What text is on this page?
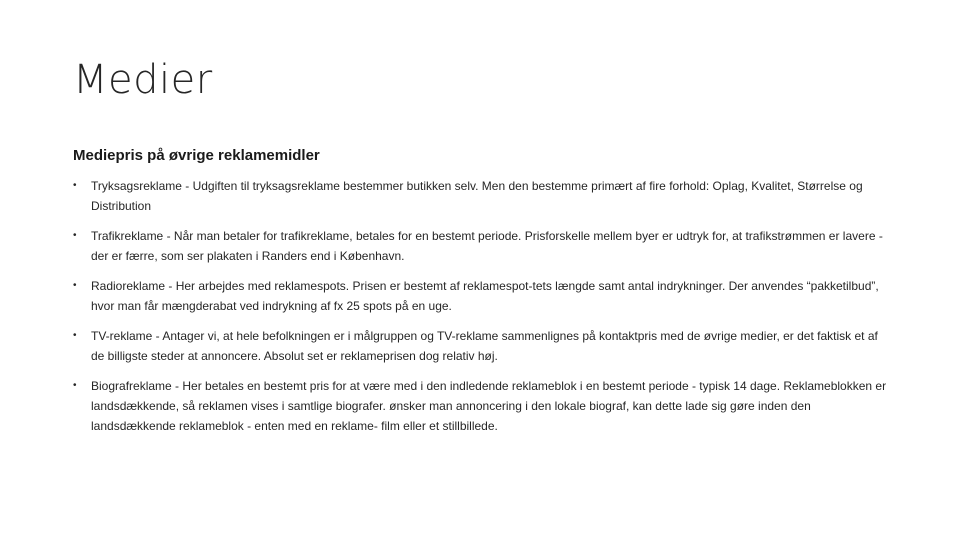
Medier
Mediepris på øvrige reklamemidler
• Tryksagsreklame - Udgiften til tryksagsreklame bestemmer butikken selv. Men den bestemme primært af fire forhold: Oplag, Kvalitet, Størrelse og Distribution
• Trafikreklame - Når man betaler for trafikreklame, betales for en bestemt periode. Prisforskelle mellem byer er udtryk for, at trafikstrømmen er lavere - der er færre, som ser plakaten i Randers end i København.
• Radioreklame - Her arbejdes med reklamespots. Prisen er bestemt af reklamespot-tets længde samt antal indrykninger. Der anvendes “pakketilbud”, hvor man får mængderabat ved indrykning af fx 25 spots på en uge.
• TV-reklame - Antager vi, at hele befolkningen er i målgruppen og TV-reklame sammenlignes på kontaktpris med de øvrige medier, er det faktisk et af de billigste steder at annoncere. Absolut set er reklameprisen dog relativ høj.
• Biografreklame - Her betales en bestemt pris for at være med i den indledende reklameblok i en bestemt periode - typisk 14 dage. Reklameblokken er landsdækkende, så reklamen vises i samtlige biografer. ønsker man annoncering i den lokale biograf, kan dette lade sig gøre inden den landsdækkende reklameblok - enten med en reklame- film eller et stillbillede.
